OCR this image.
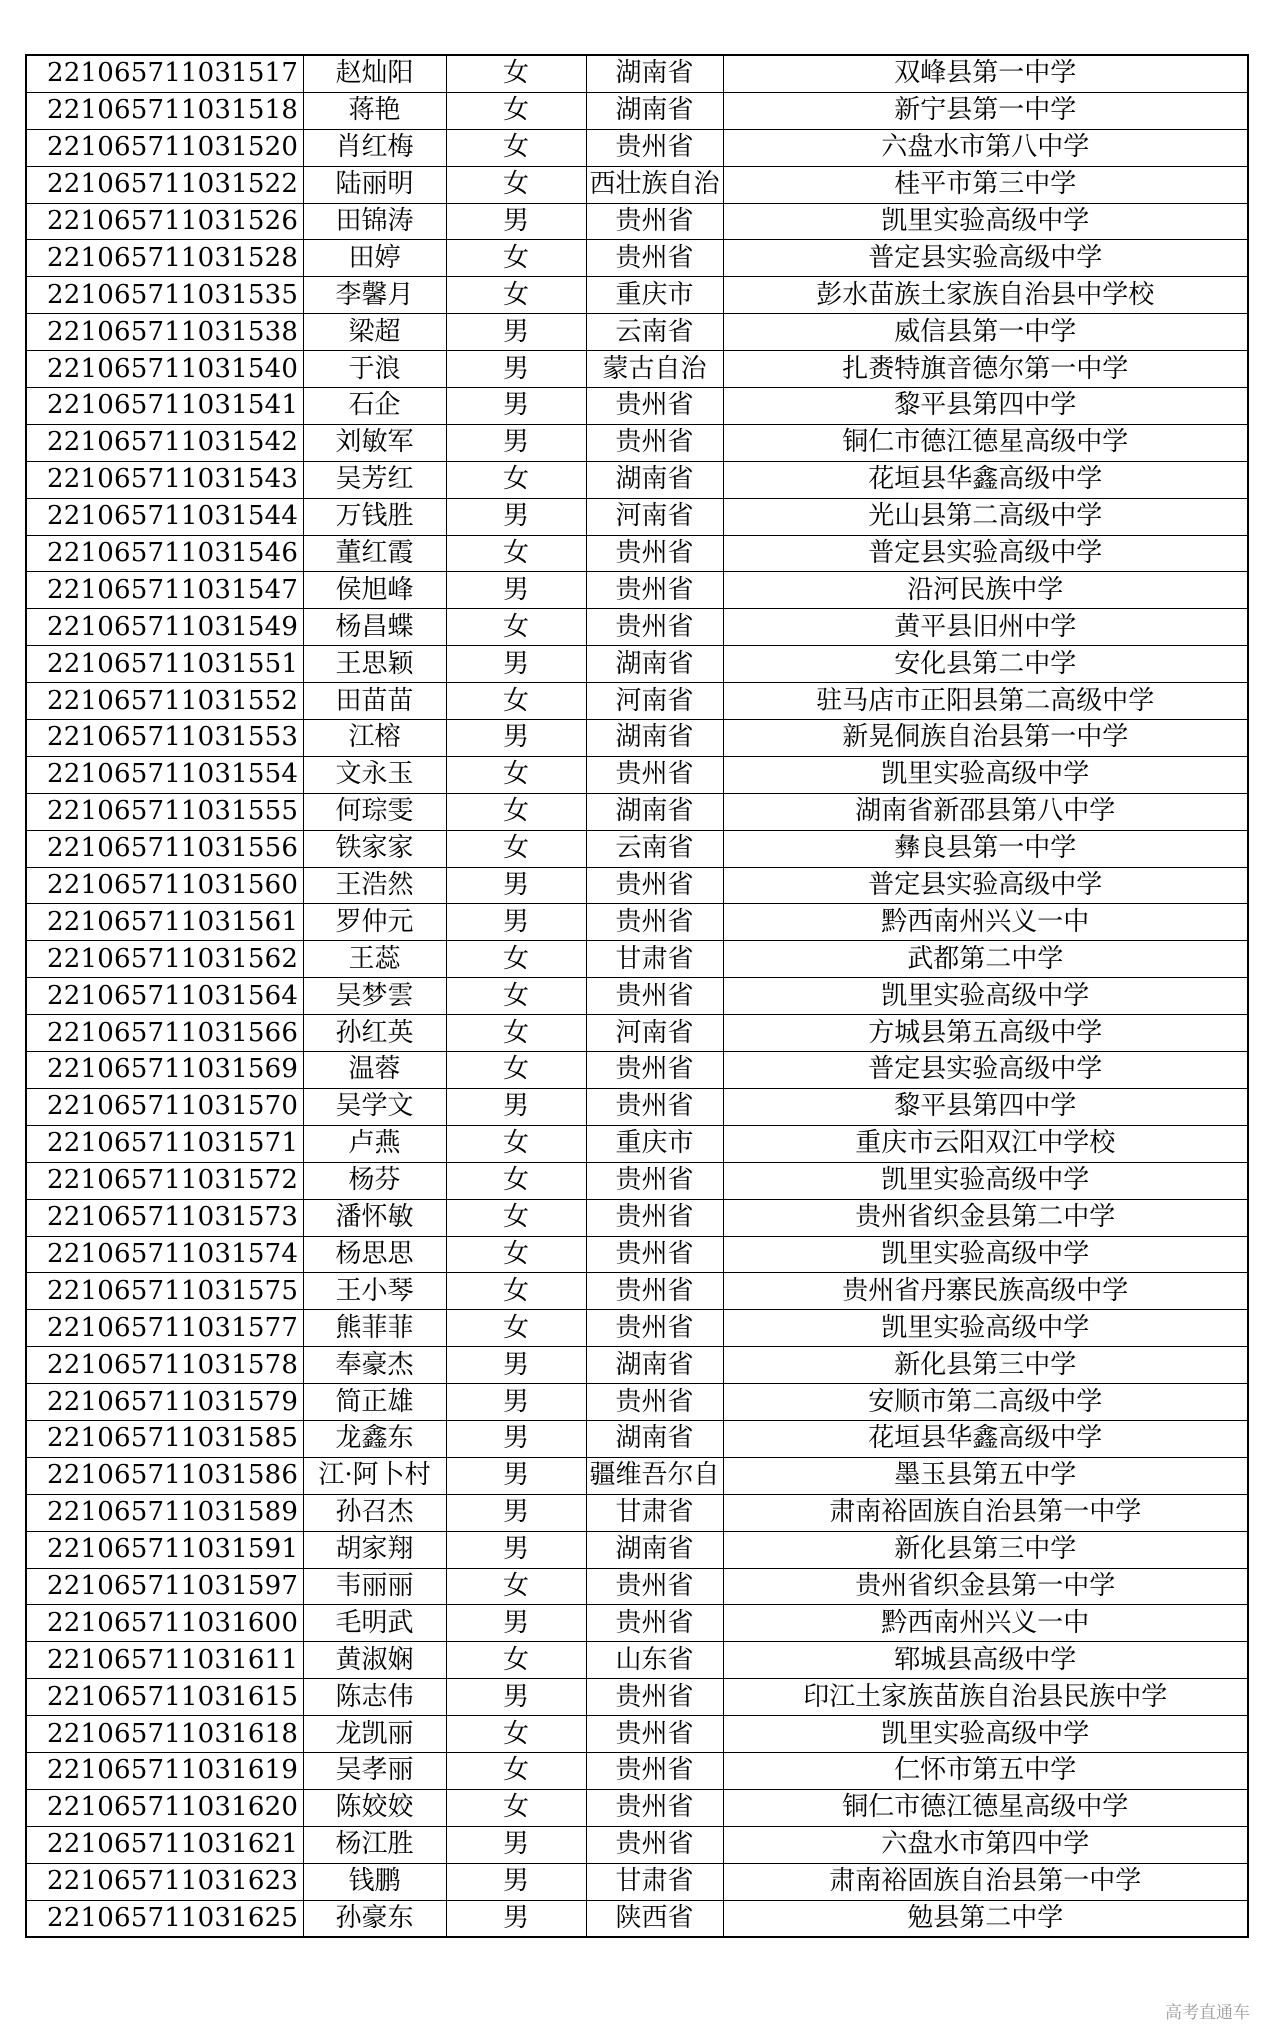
221065711031517	赵灿阳	女	湖南省	双峰县第一中学
221065711031518	蒋艳	女	湖南省	新宁县第一中学
221065711031520	肖红梅	女	贵州省	六盘水市第八中学
221065711031522	陆丽明	女	西壮族自治	桂平市第三中学
221065711031526	田锦涛	男	贵州省	凯里实验高级中学
221065711031528	田婷	女	贵州省	普定县实验高级中学
221065711031535	李馨月	女	重庆市	彭水苗族土家族自治县中学校
221065711031538	梁超	男	云南省	威信县第一中学
221065711031540	于浪	男	蒙古自治	扎赉特旗音德尔第一中学
221065711031541	石企	男	贵州省	黎平县第四中学
221065711031542	刘敏军	男	贵州省	铜仁市德江德星高级中学
221065711031543	吴芳红	女	湖南省	花垣县华鑫高级中学
221065711031544	万钱胜	男	河南省	光山县第二高级中学
221065711031546	董红霞	女	贵州省	普定县实验高级中学
221065711031547	侯旭峰	男	贵州省	沿河民族中学
221065711031549	杨昌蝶	女	贵州省	黄平县旧州中学
221065711031551	王思颖	男	湖南省	安化县第二中学
221065711031552	田苗苗	女	河南省	驻马店市正阳县第二高级中学
221065711031553	江榕	男	湖南省	新晃侗族自治县第一中学
221065711031554	文永玉	女	贵州省	凯里实验高级中学
221065711031555	何琮雯	女	湖南省	湖南省新邵县第八中学
221065711031556	铁家家	女	云南省	彝良县第一中学
221065711031560	王浩然	男	贵州省	普定县实验高级中学
221065711031561	罗仲元	男	贵州省	黔西南州兴义一中
221065711031562	王蕊	女	甘肃省	武都第二中学
221065711031564	吴梦雲	女	贵州省	凯里实验高级中学
221065711031566	孙红英	女	河南省	方城县第五高级中学
221065711031569	温蓉	女	贵州省	普定县实验高级中学
221065711031570	吴学文	男	贵州省	黎平县第四中学
221065711031571	卢燕	女	重庆市	重庆市云阳双江中学校
221065711031572	杨芬	女	贵州省	凯里实验高级中学
221065711031573	潘怀敏	女	贵州省	贵州省织金县第二中学
221065711031574	杨思思	女	贵州省	凯里实验高级中学
221065711031575	王小琴	女	贵州省	贵州省丹寨民族高级中学
221065711031577	熊菲菲	女	贵州省	凯里实验高级中学
221065711031578	奉豪杰	男	湖南省	新化县第三中学
221065711031579	简正雄	男	贵州省	安顺市第二高级中学
221065711031585	龙鑫东	男	湖南省	花垣县华鑫高级中学
221065711031586	江·阿卜村	男	疆维吾尔自	墨玉县第五中学
221065711031589	孙召杰	男	甘肃省	肃南裕固族自治县第一中学
221065711031591	胡家翔	男	湖南省	新化县第三中学
221065711031597	韦丽丽	女	贵州省	贵州省织金县第一中学
221065711031600	毛明武	男	贵州省	黔西南州兴义一中
221065711031611	黄淑娴	女	山东省	郓城县高级中学
221065711031615	陈志伟	男	贵州省	印江土家族苗族自治县民族中学
221065711031618	龙凯丽	女	贵州省	凯里实验高级中学
221065711031619	吴孝丽	女	贵州省	仁怀市第五中学
221065711031620	陈姣姣	女	贵州省	铜仁市德江德星高级中学
221065711031621	杨江胜	男	贵州省	六盘水市第四中学
221065711031623	钱鹏	男	甘肃省	肃南裕固族自治县第一中学
221065711031625	孙豪东	男	陕西省	勉县第二中学
高考直通车
